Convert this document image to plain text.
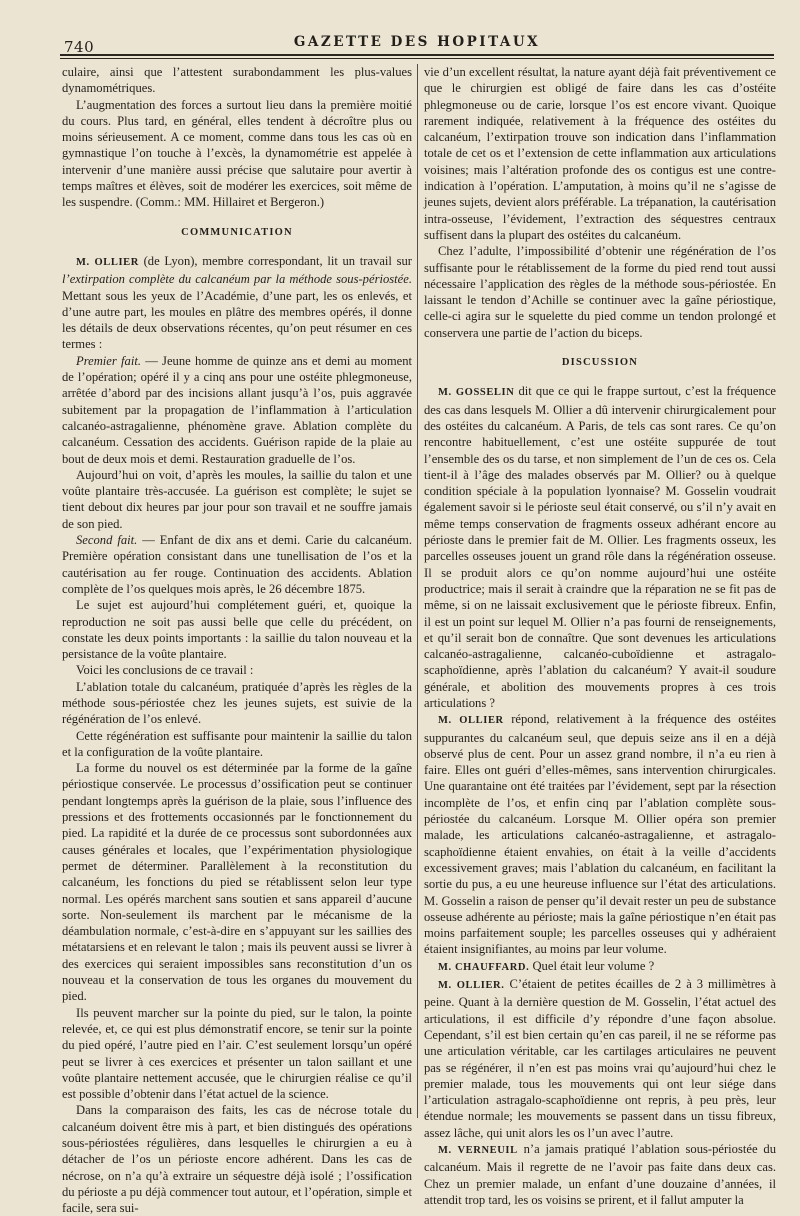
740	GAZETTE DES HOPITAUX

culaire, ainsi que l’attestent surabondamment les plus-values dynamométriques.

L’augmentation des forces a surtout lieu dans la première moitié du cours. Plus tard, en général, elles tendent à décroître plus ou moins sérieusement. A ce moment, comme dans tous les cas où en gymnastique l’on touche à l’excès, la dynamométrie est appelée à intervenir d’une manière aussi précise que salutaire pour avertir à temps maîtres et élèves, soit de modérer les exercices, soit même de les suspendre. (Comm.: MM. Hillairet et Bergeron.)

COMMUNICATION

M. OLLIER (de Lyon), membre correspondant, lit un travail sur l’extirpation complète du calcanéum par la méthode sous-périostée. Mettant sous les yeux de l’Académie, d’une part, les os enlevés, et d’une autre part, les moules en plâtre des membres opérés, il donne les détails de deux observations récentes, qu’on peut résumer en ces termes :

Premier fait. — Jeune homme de quinze ans et demi au moment de l’opération; opéré il y a cinq ans pour une ostéite phlegmoneuse, arrêtée d’abord par des incisions allant jusqu’à l’os, puis aggravée subitement par la propagation de l’inflammation à l’articulation calcanéo-astragalienne, phénomène grave. Ablation complète du calcanéum. Cessation des accidents. Guérison rapide de la plaie au bout de deux mois et demi. Restauration graduelle de l’os.

Aujourd’hui on voit, d’après les moules, la saillie du talon et une voûte plantaire très-accusée. La guérison est complète; le sujet se tient debout dix heures par jour pour son travail et ne souffre jamais de son pied.

Second fait. — Enfant de dix ans et demi. Carie du calcanéum. Première opération consistant dans une tunellisation de l’os et la cautérisation au fer rouge. Continuation des accidents. Ablation complète de l’os quelques mois après, le 26 décembre 1875.

Le sujet est aujourd’hui complétement guéri, et, quoique la reproduction ne soit pas aussi belle que celle du précédent, on constate les deux points importants : la saillie du talon nouveau et la persistance de la voûte plantaire.

Voici les conclusions de ce travail :

L’ablation totale du calcanéum, pratiquée d’après les règles de la méthode sous-périostée chez les jeunes sujets, est suivie de la régénération de l’os enlevé.

Cette régénération est suffisante pour maintenir la saillie du talon et la configuration de la voûte plantaire.

La forme du nouvel os est déterminée par la forme de la gaîne périostique conservée. Le processus d’ossification peut se continuer pendant longtemps après la guérison de la plaie, sous l’influence des pressions et des frottements occasionnés par le fonctionnement du pied. La rapidité et la durée de ce processus sont subordonnées aux causes générales et locales, que l’expérimentation physiologique permet de déterminer. Parallèlement à la reconstitution du calcanéum, les fonctions du pied se rétablissent selon leur type normal. Les opérés marchent sans soutien et sans appareil d’aucune sorte. Non-seulement ils marchent par le mécanisme de la déambulation normale, c’est-à-dire en s’appuyant sur les saillies des métatarsiens et en relevant le talon ; mais ils peuvent aussi se livrer à des exercices qui seraient impossibles sans reconstitution d’un os nouveau et la conservation de tous les organes du mouvement du pied.

Ils peuvent marcher sur la pointe du pied, sur le talon, la pointe relevée, et, ce qui est plus démonstratif encore, se tenir sur la pointe du pied opéré, l’autre pied en l’air. C’est seulement lorsqu’un opéré peut se livrer à ces exercices et présenter un talon saillant et une voûte plantaire nettement accusée, que le chirurgien réalise ce qu’il est possible d’obtenir dans l’état actuel de la science.

Dans la comparaison des faits, les cas de nécrose totale du calcanéum doivent être mis à part, et bien distingués des opérations sous-périostées régulières, dans lesquelles le chirurgien a eu à détacher de l’os un périoste encore adhérent. Dans les cas de nécrose, on n’a qu’à extraire un séquestre déjà isolé ; l’ossification du périoste a pu déjà commencer tout autour, et l’opération, simple et facile, sera sui-

vie d’un excellent résultat, la nature ayant déjà fait préventivement ce que le chirurgien est obligé de faire dans les cas d’ostéite phlegmoneuse ou de carie, lorsque l’os est encore vivant. Quoique rarement indiquée, relativement à la fréquence des ostéites du calcanéum, l’extirpation trouve son indication dans l’inflammation totale de cet os et l’extension de cette inflammation aux articulations voisines; mais l’altération profonde des os contigus est une contre-indication à l’opération. L’amputation, à moins qu’il ne s’agisse de jeunes sujets, devient alors préférable. La trépanation, la cautérisation intra-osseuse, l’évidement, l’extraction des séquestres centraux suffisent dans la plupart des ostéites du calcanéum.

Chez l’adulte, l’impossibilité d’obtenir une régénération de l’os suffisante pour le rétablissement de la forme du pied rend tout aussi nécessaire l’application des règles de la méthode sous-périostée. En laissant le tendon d’Achille se continuer avec la gaîne périostique, celle-ci agira sur le squelette du pied comme un tendon prolongé et conservera une partie de l’action du biceps.

DISCUSSION

M. GOSSELIN dit que ce qui le frappe surtout, c’est la fréquence des cas dans lesquels M. Ollier a dû intervenir chirurgicalement pour des ostéites du calcanéum. A Paris, de tels cas sont rares. Ce qu’on rencontre habituellement, c’est une ostéite suppurée de tout l’ensemble des os du tarse, et non simplement de l’un de ces os. Cela tient-il à l’âge des malades observés par M. Ollier? ou à quelque condition spéciale à la population lyonnaise? M. Gosselin voudrait également savoir si le périoste seul était conservé, ou s’il n’y avait en même temps conservation de fragments osseux adhérant encore au périoste dans le premier fait de M. Ollier. Les fragments osseux, les parcelles osseuses jouent un grand rôle dans la régénération osseuse. Il se produit alors ce qu’on nomme aujourd’hui une ostéite productrice; mais il serait à craindre que la réparation ne se fit pas de même, si on ne laissait exclusivement que le périoste fibreux. Enfin, il est un point sur lequel M. Ollier n’a pas fourni de renseignements, et qu’il serait bon de connaître. Que sont devenues les articulations calcanéo-astragalienne, calcanéo-cuboïdienne et astragalo-scaphoïdienne, après l’ablation du calcanéum? Y avait-il soudure générale, et abolition des mouvements propres à ces trois articulations ?

M. OLLIER répond, relativement à la fréquence des ostéites suppurantes du calcanéum seul, que depuis seize ans il en a déjà observé plus de cent. Pour un assez grand nombre, il n’a eu rien à faire. Elles ont guéri d’elles-mêmes, sans intervention chirurgicales. Une quarantaine ont été traitées par l’évidement, sept par la résection incomplète de l’os, et enfin cinq par l’ablation complète sous-périostée du calcanéum. Lorsque M. Ollier opéra son premier malade, les articulations calcanéo-astragalienne, et astragalo-scaphoïdienne étaient envahies, on était à la veille d’accidents excessivement graves; mais l’ablation du calcanéum, en facilitant la sortie du pus, a eu une heureuse influence sur l’état des articulations. M. Gosselin a raison de penser qu’il devait rester un peu de substance osseuse adhérente au périoste; mais la gaîne périostique n’en était pas moins parfaitement souple; les parcelles osseuses qui y adhéraient étaient insignifiantes, au moins par leur volume.

M. CHAUFFARD. Quel était leur volume ?

M. OLLIER. C’étaient de petites écailles de 2 à 3 millimètres à peine. Quant à la dernière question de M. Gosselin, l’état actuel des articulations, il est difficile d’y répondre d’une façon absolue. Cependant, s’il est bien certain qu’en cas pareil, il ne se réforme pas une articulation véritable, car les cartilages articulaires ne peuvent pas se régénérer, il n’en est pas moins vrai qu’aujourd’hui chez le premier malade, tous les mouvements qui ont leur siége dans l’articulation astragalo-scaphoïdienne ont repris, à peu près, leur étendue normale; les mouvements se passent dans un tissu fibreux, assez lâche, qui unit alors les os l’un avec l’autre.

M. VERNEUIL n’a jamais pratiqué l’ablation sous-périostée du calcanéum. Mais il regrette de ne l’avoir pas faite dans deux cas. Chez un premier malade, un enfant d’une douzaine d’années, il attendit trop tard, les os voisins se prirent, et il fallut amputer la
